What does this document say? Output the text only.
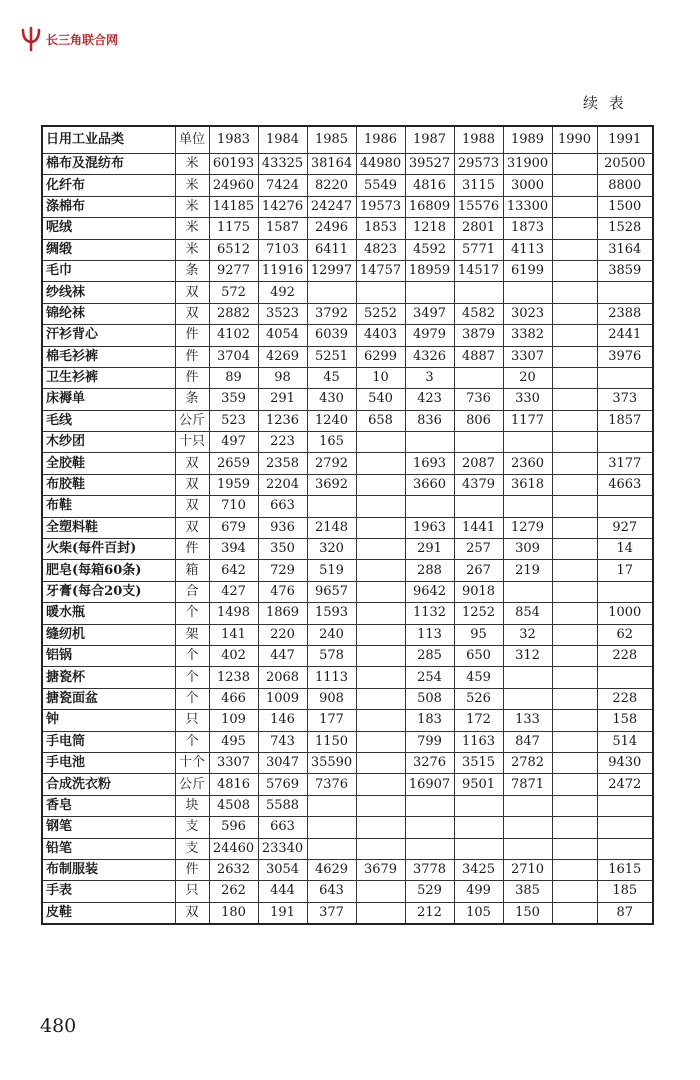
长三角联合网
续 表
日用工业品类	单位	1983	1984	1985	1986	1987	1988	1989	1990	1991
棉布及混纺布	米	60193	43325	38164	44980	39527	29573	31900		20500
化纤布	米	24960	7424	8220	5549	4816	3115	3000		8800
涤棉布	米	14185	14276	24247	19573	16809	15576	13300		1500
呢绒	米	1175	1587	2496	1853	1218	2801	1873		1528
绸缎	米	6512	7103	6411	4823	4592	5771	4113		3164
毛巾	条	9277	11916	12997	14757	18959	14517	6199		3859
纱线袜	双	572	492							
锦纶袜	双	2882	3523	3792	5252	3497	4582	3023		2388
汗衫背心	件	4102	4054	6039	4403	4979	3879	3382		2441
棉毛衫裤	件	3704	4269	5251	6299	4326	4887	3307		3976
卫生衫裤	件	89	98	45	10	3		20		
床褥单	条	359	291	430	540	423	736	330		373
毛线	公斤	523	1236	1240	658	836	806	1177		1857
木纱团	十只	497	223	165						
全胶鞋	双	2659	2358	2792		1693	2087	2360		3177
布胶鞋	双	1959	2204	3692		3660	4379	3618		4663
布鞋	双	710	663							
全塑料鞋	双	679	936	2148		1963	1441	1279		927
火柴(每件百封)	件	394	350	320		291	257	309		14
肥皂(每箱60条)	箱	642	729	519		288	267	219		17
牙膏(每合20支)	合	427	476	9657		9642	9018			
暖水瓶	个	1498	1869	1593		1132	1252	854		1000
缝纫机	架	141	220	240		113	95	32		62
铝锅	个	402	447	578		285	650	312		228
搪瓷杯	个	1238	2068	1113		254	459			
搪瓷面盆	个	466	1009	908		508	526			228
钟	只	109	146	177		183	172	133		158
手电筒	个	495	743	1150		799	1163	847		514
手电池	十个	3307	3047	35590		3276	3515	2782		9430
合成洗衣粉	公斤	4816	5769	7376		16907	9501	7871		2472
香皂	块	4508	5588							
钢笔	支	596	663							
铅笔	支	24460	23340							
布制服装	件	2632	3054	4629	3679	3778	3425	2710		1615
手表	只	262	444	643		529	499	385		185
皮鞋	双	180	191	377		212	105	150		87
480
